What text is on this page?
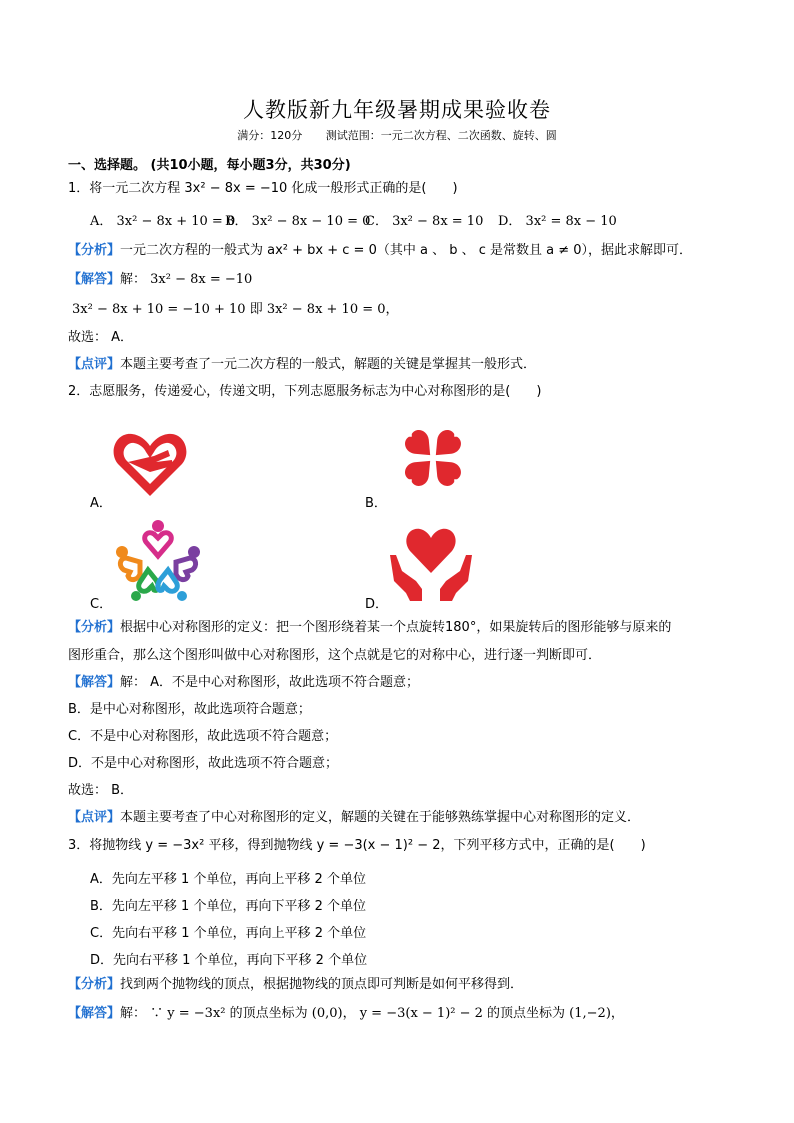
人教版新九年级暑期成果验收卷
满分：120分 测试范围：一元二次方程、二次函数、旋转、圆
一、选择题。 (共10小题，每小题3分，共30分)
1．将一元二次方程 3x² − 8x = −10 化成一般形式正确的是(　　)
A． 3x² − 8x + 10 = 0
B． 3x² − 8x − 10 = 0
C． 3x² − 8x = 10 D． 3x² = 8x − 10
【分析】一元二次方程的一般式为 ax² + bx + c = 0（其中 a 、 b 、 c 是常数且 a ≠ 0），据此求解即可．
【解答】解： 3x² − 8x = −10
3x² − 8x + 10 = −10 + 10 即 3x² − 8x + 10 = 0，
故选： A．
【点评】本题主要考查了一元二次方程的一般式，解题的关键是掌握其一般形式．
2．志愿服务，传递爱心，传递文明，下列志愿服务标志为中心对称图形的是(　　)
A．	B．
C．	D．
【分析】根据中心对称图形的定义：把一个图形绕着某一个点旋转180°，如果旋转后的图形能够与原来的
图形重合，那么这个图形叫做中心对称图形，这个点就是它的对称中心，进行逐一判断即可．
【解答】解： A．不是中心对称图形，故此选项不符合题意；
B．是中心对称图形，故此选项符合题意；
C．不是中心对称图形，故此选项不符合题意；
D．不是中心对称图形，故此选项不符合题意；
故选： B．
【点评】本题主要考查了中心对称图形的定义，解题的关键在于能够熟练掌握中心对称图形的定义．
3．将抛物线 y = −3x² 平移，得到抛物线 y = −3(x − 1)² − 2，下列平移方式中，正确的是(　　)
A．先向左平移 1 个单位，再向上平移 2 个单位
B．先向左平移 1 个单位，再向下平移 2 个单位
C．先向右平移 1 个单位，再向上平移 2 个单位
D．先向右平移 1 个单位，再向下平移 2 个单位
【分析】找到两个抛物线的顶点，根据抛物线的顶点即可判断是如何平移得到．
【解答】解： ∵ y = −3x² 的顶点坐标为 (0,0)， y = −3(x − 1)² − 2 的顶点坐标为 (1,−2)，
